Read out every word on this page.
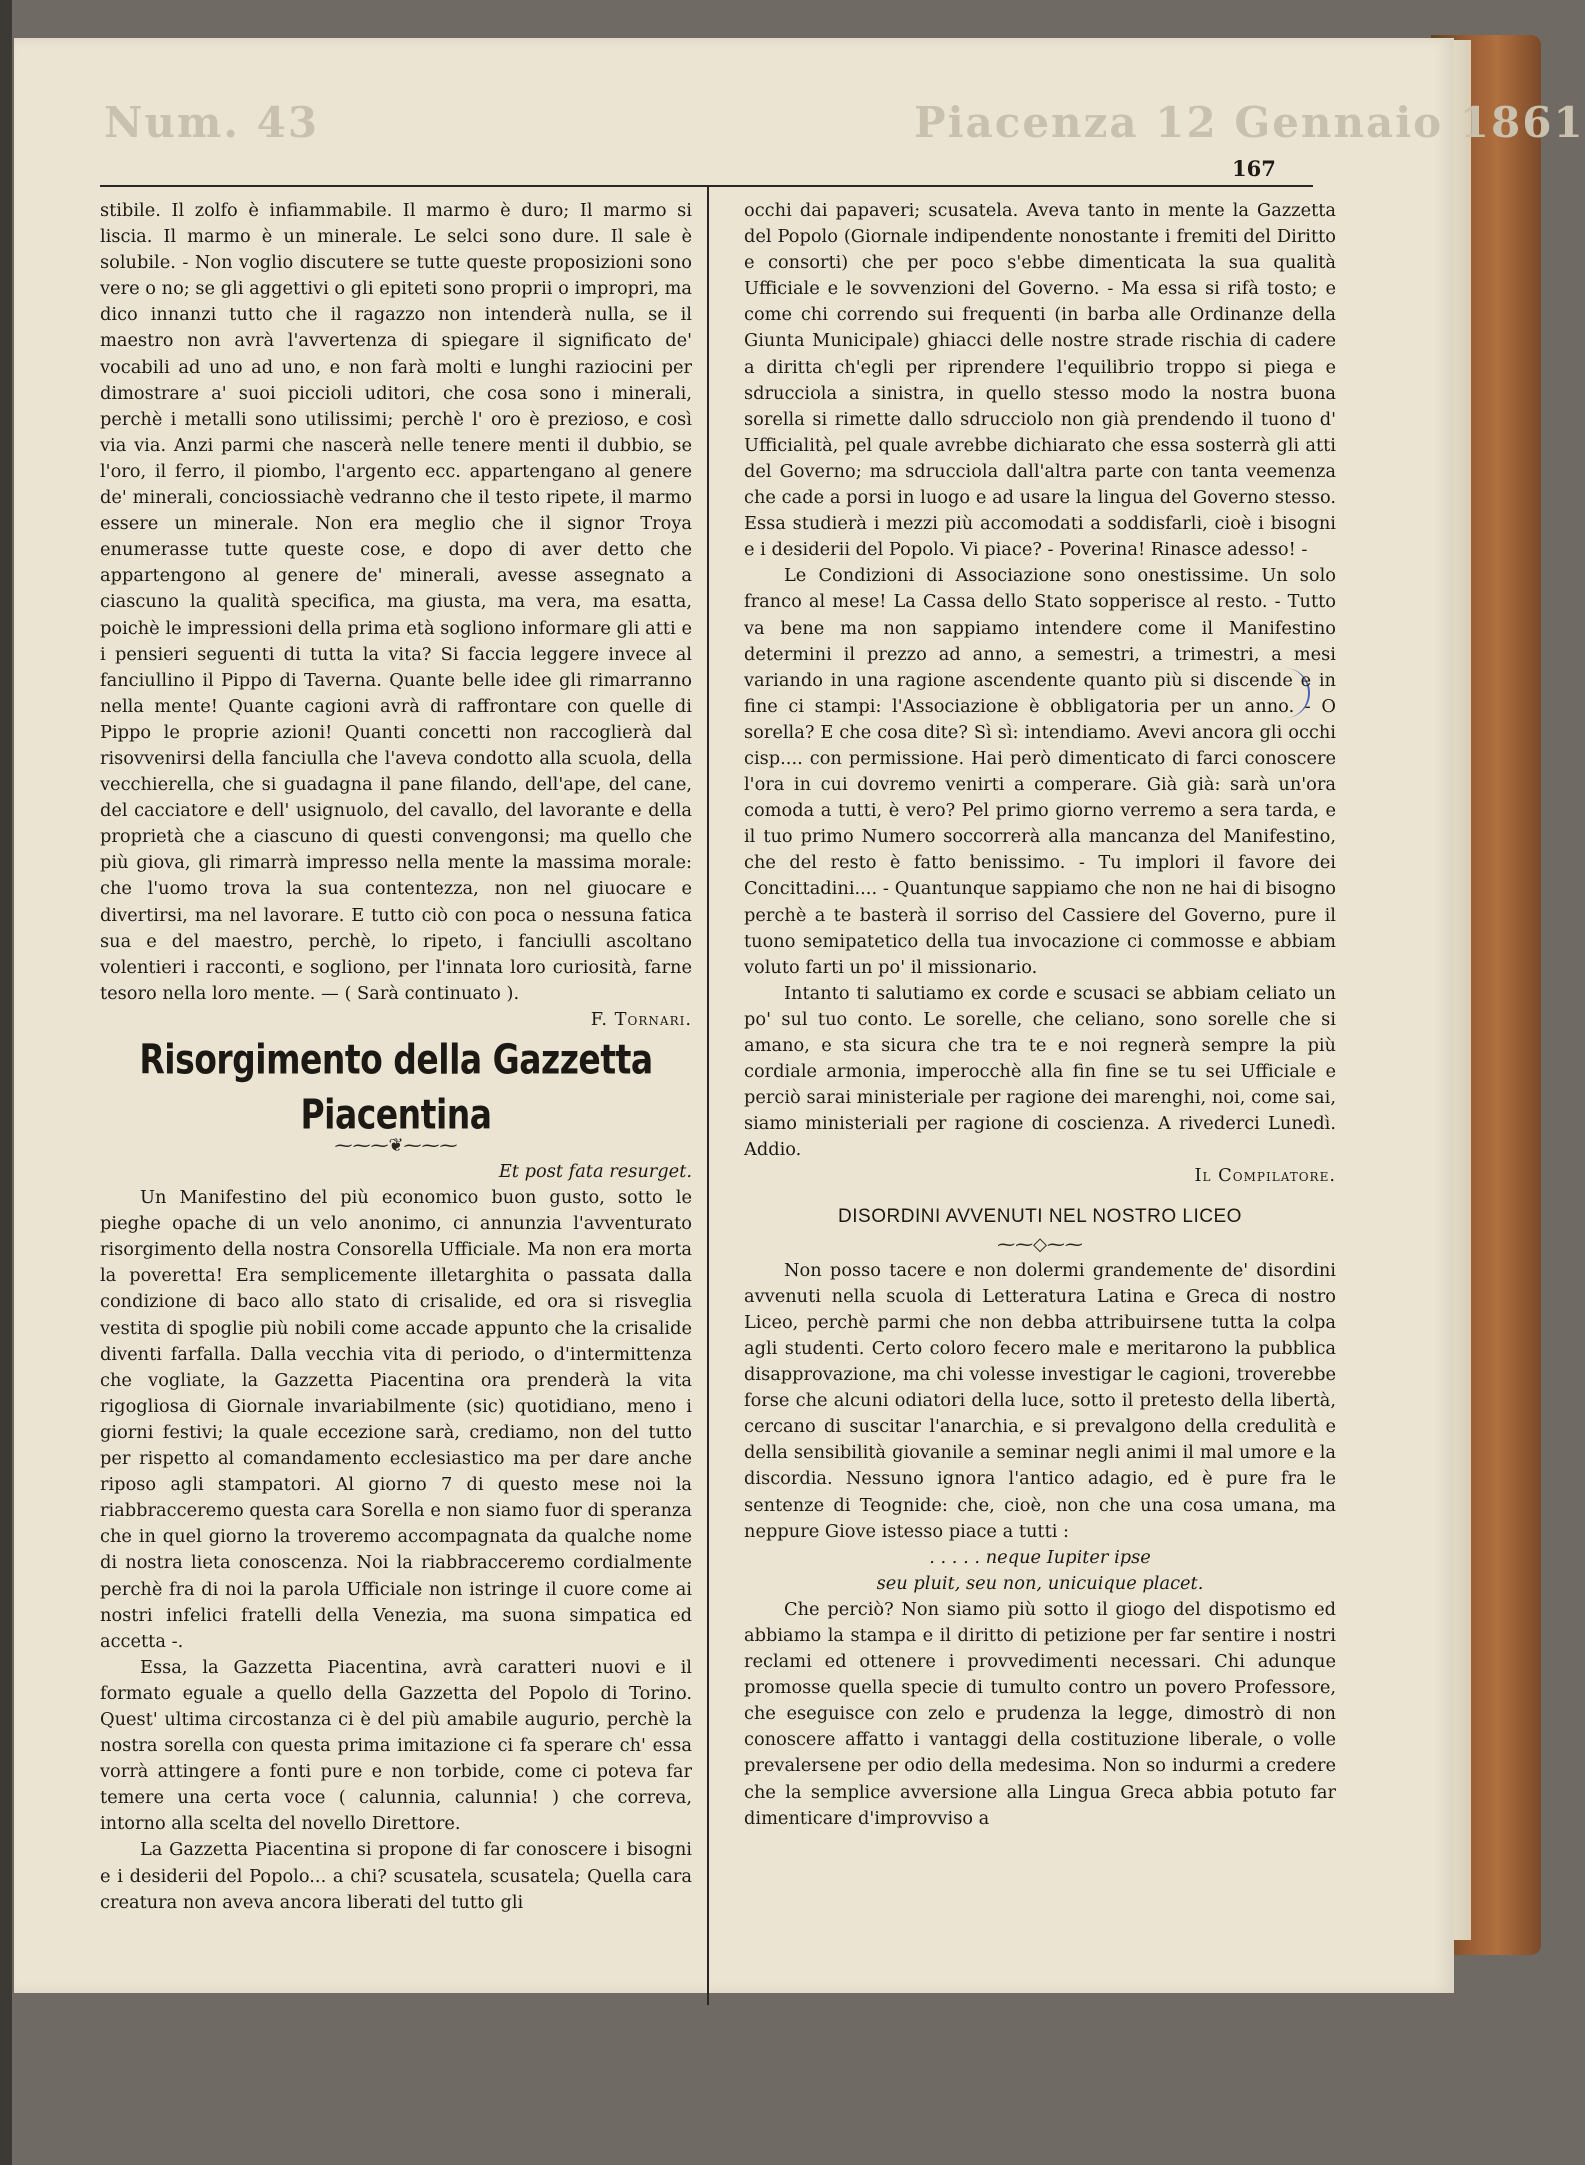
Num. 43	Piacenza 12 Gennaio 1861
167

stibile. Il zolfo è infiammabile. Il marmo è duro; Il marmo si liscia. Il marmo è un minerale. Le selci sono dure. Il sale è solubile. - Non voglio discutere se tutte queste proposizioni sono vere o no; se gli aggettivi o gli epiteti sono proprii o impropri, ma dico innanzi tutto che il ragazzo non intenderà nulla, se il maestro non avrà l'avvertenza di spiegare il significato de' vocabili ad uno ad uno, e non farà molti e lunghi raziocini per dimostrare a' suoi piccioli uditori, che cosa sono i minerali, perchè i metalli sono utilissimi; perchè l' oro è prezioso, e così via via. Anzi parmi che nascerà nelle tenere menti il dubbio, se l'oro, il ferro, il piombo, l'argento ecc. appartengano al genere de' minerali, conciossiachè vedranno che il testo ripete, il marmo essere un minerale. Non era meglio che il signor Troya enumerasse tutte queste cose, e dopo di aver detto che appartengono al genere de' minerali, avesse assegnato a ciascuno la qualità specifica, ma giusta, ma vera, ma esatta, poichè le impressioni della prima età sogliono informare gli atti e i pensieri seguenti di tutta la vita? Si faccia leggere invece al fanciullino il Pippo di Taverna. Quante belle idee gli rimarranno nella mente! Quante cagioni avrà di raffrontare con quelle di Pippo le proprie azioni! Quanti concetti non raccoglierà dal risovvenirsi della fanciulla che l'aveva condotto alla scuola, della vecchierella, che si guadagna il pane filando, dell'ape, del cane, del cacciatore e dell' usignuolo, del cavallo, del lavorante e della proprietà che a ciascuno di questi convengonsi; ma quello che più giova, gli rimarrà impresso nella mente la massima morale: che l'uomo trova la sua contentezza, non nel giuocare e divertirsi, ma nel lavorare. E tutto ciò con poca o nessuna fatica sua e del maestro, perchè, lo ripeto, i fanciulli ascoltano volentieri i racconti, e sogliono, per l'innata loro curiosità, farne tesoro nella loro mente. — ( Sarà continuato ).

F. Tornari.

Risorgimento della Gazzetta Piacentina
⁓⁓⁓❦⁓⁓⁓

Et post fata resurget.

Un Manifestino del più economico buon gusto, sotto le pieghe opache di un velo anonimo, ci annunzia l'avventurato risorgimento della nostra Consorella Ufficiale. Ma non era morta la poveretta! Era semplicemente illetarghita o passata dalla condizione di baco allo stato di crisalide, ed ora si risveglia vestita di spoglie più nobili come accade appunto che la crisalide diventi farfalla. Dalla vecchia vita di periodo, o d'intermittenza che vogliate, la Gazzetta Piacentina ora prenderà la vita rigogliosa di Giornale invariabilmente (sic) quotidiano, meno i giorni festivi; la quale eccezione sarà, crediamo, non del tutto per rispetto al comandamento ecclesiastico ma per dare anche riposo agli stampatori. Al giorno 7 di questo mese noi la riabbracceremo questa cara Sorella e non siamo fuor di speranza che in quel giorno la troveremo accompagnata da qualche nome di nostra lieta conoscenza. Noi la riabbracceremo cordialmente perchè fra di noi la parola Ufficiale non istringe il cuore come ai nostri infelici fratelli della Venezia, ma suona simpatica ed accetta -.

Essa, la Gazzetta Piacentina, avrà caratteri nuovi e il formato eguale a quello della Gazzetta del Popolo di Torino. Quest' ultima circostanza ci è del più amabile augurio, perchè la nostra sorella con questa prima imitazione ci fa sperare ch' essa vorrà attingere a fonti pure e non torbide, come ci poteva far temere una certa voce ( calunnia, calunnia! ) che correva, intorno alla scelta del novello Direttore.

La Gazzetta Piacentina si propone di far conoscere i bisogni e i desiderii del Popolo... a chi? scusatela, scusatela; Quella cara creatura non aveva ancora liberati del tutto gli

occhi dai papaveri; scusatela. Aveva tanto in mente la Gazzetta del Popolo (Giornale indipendente nonostante i fremiti del Diritto e consorti) che per poco s'ebbe dimenticata la sua qualità Ufficiale e le sovvenzioni del Governo. - Ma essa si rifà tosto; e come chi correndo sui frequenti (in barba alle Ordinanze della Giunta Municipale) ghiacci delle nostre strade rischia di cadere a diritta ch'egli per riprendere l'equilibrio troppo si piega e sdrucciola a sinistra, in quello stesso modo la nostra buona sorella si rimette dallo sdrucciolo non già prendendo il tuono d' Ufficialità, pel quale avrebbe dichiarato che essa sosterrà gli atti del Governo; ma sdrucciola dall'altra parte con tanta veemenza che cade a porsi in luogo e ad usare la lingua del Governo stesso. Essa studierà i mezzi più accomodati a soddisfarli, cioè i bisogni e i desiderii del Popolo. Vi piace? - Poverina! Rinasce adesso! -

Le Condizioni di Associazione sono onestissime. Un solo franco al mese! La Cassa dello Stato sopperisce al resto. - Tutto va bene ma non sappiamo intendere come il Manifestino determini il prezzo ad anno, a semestri, a trimestri, a mesi variando in una ragione ascendente quanto più si discende e in fine ci stampi: l'Associazione è obbligatoria per un anno. - O sorella? E che cosa dite? Sì sì: intendiamo. Avevi ancora gli occhi cisp.... con permissione. Hai però dimenticato di farci conoscere l'ora in cui dovremo venirti a comperare. Già già: sarà un'ora comoda a tutti, è vero? Pel primo giorno verremo a sera tarda, e il tuo primo Numero soccorrerà alla mancanza del Manifestino, che del resto è fatto benissimo. - Tu implori il favore dei Concittadini.... - Quantunque sappiamo che non ne hai di bisogno perchè a te basterà il sorriso del Cassiere del Governo, pure il tuono semipatetico della tua invocazione ci commosse e abbiam voluto farti un po' il missionario.

Intanto ti salutiamo ex corde e scusaci se abbiam celiato un po' sul tuo conto. Le sorelle, che celiano, sono sorelle che si amano, e sta sicura che tra te e noi regnerà sempre la più cordiale armonia, imperocchè alla fin fine se tu sei Ufficiale e perciò sarai ministeriale per ragione dei marenghi, noi, come sai, siamo ministeriali per ragione di coscienza. A rivederci Lunedì. Addio.

Il Compilatore.

DISORDINI AVVENUTI NEL NOSTRO LICEO
⁓⁓◇⁓⁓

Non posso tacere e non dolermi grandemente de' disordini avvenuti nella scuola di Letteratura Latina e Greca di nostro Liceo, perchè parmi che non debba attribuirsene tutta la colpa agli studenti. Certo coloro fecero male e meritarono la pubblica disapprovazione, ma chi volesse investigar le cagioni, troverebbe forse che alcuni odiatori della luce, sotto il pretesto della libertà, cercano di suscitar l'anarchia, e si prevalgono della credulità e della sensibilità giovanile a seminar negli animi il mal umore e la discordia. Nessuno ignora l'antico adagio, ed è pure fra le sentenze di Teognide: che, cioè, non che una cosa umana, ma neppure Giove istesso piace a tutti :

. . . . . neque Iupiter ipse

seu pluit, seu non, unicuique placet.

Che perciò? Non siamo più sotto il giogo del dispotismo ed abbiamo la stampa e il diritto di petizione per far sentire i nostri reclami ed ottenere i provvedimenti necessari. Chi adunque promosse quella specie di tumulto contro un povero Professore, che eseguisce con zelo e prudenza la legge, dimostrò di non conoscere affatto i vantaggi della costituzione liberale, o volle prevalersene per odio della medesima. Non so indurmi a credere che la semplice avversione alla Lingua Greca abbia potuto far dimenticare d'improvviso a
